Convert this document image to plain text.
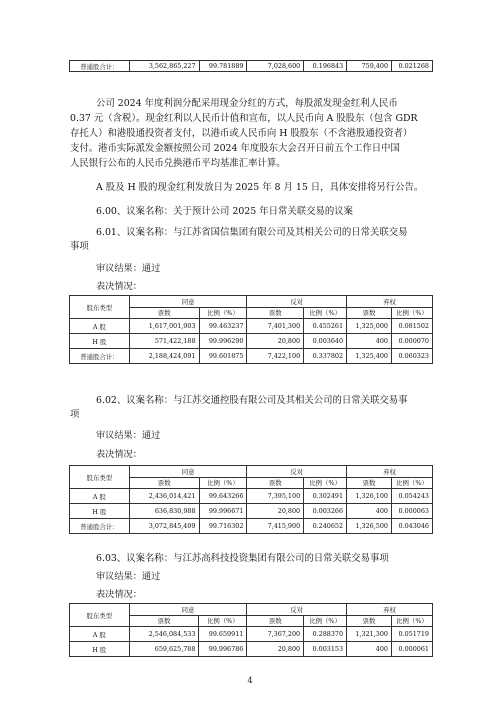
普通股合计：	3,562,865,227	99.781889	7,028,600	0.196843	759,400	0.021268
公司 2024 年度利润分配采用现金分红的方式，每股派发现金红利人民币
0.37 元（含税）。现金红利以人民币计值和宣布，以人民币向 A 股股东（包含 GDR
存托人）和港股通投资者支付，以港币或人民币向 H 股股东（不含港股通投资者）
支付。港币实际派发金额按照公司 2024 年度股东大会召开日前五个工作日中国
人民银行公布的人民币兑换港币平均基准汇率计算。
A 股及 H 股的现金红利发放日为 2025 年 8 月 15 日，具体安排将另行公告。
6.00、议案名称：关于预计公司 2025 年日常关联交易的议案
6.01、议案名称：与江苏省国信集团有限公司及其相关公司的日常关联交易
事项
审议结果：通过
表决情况：
股东类型	同意		反对		弃权	
	票数	比例（%）	票数	比例（%）	票数	比例（%）
A 股	1,617,001,903	99.463237	7,401,300	0.455261	1,325,000	0.081502
H 股	571,422,188	99.996290	20,800	0.003640	400	0.000070
普通股合计：	2,188,424,091	99.601875	7,422,100	0.337802	1,325,400	0.060323
6.02、议案名称：与江苏交通控股有限公司及其相关公司的日常关联交易事
项
审议结果：通过
表决情况：
股东类型	同意		反对		弃权	
	票数	比例（%）	票数	比例（%）	票数	比例（%）
A 股	2,436,014,421	99.643266	7,395,100	0.302491	1,326,100	0.054243
H 股	636,830,988	99.996671	20,800	0.003266	400	0.000063
普通股合计：	3,072,845,409	99.716302	7,415,900	0.240652	1,326,500	0.043046
6.03、议案名称：与江苏高科技投资集团有限公司的日常关联交易事项
审议结果：通过
表决情况：
股东类型	同意		反对		弃权	
	票数	比例（%）	票数	比例（%）	票数	比例（%）
A 股	2,546,084,533	99.659911	7,367,200	0.288370	1,321,300	0.051719
H 股	659,625,788	99.996786	20,800	0.003153	400	0.000061
4
